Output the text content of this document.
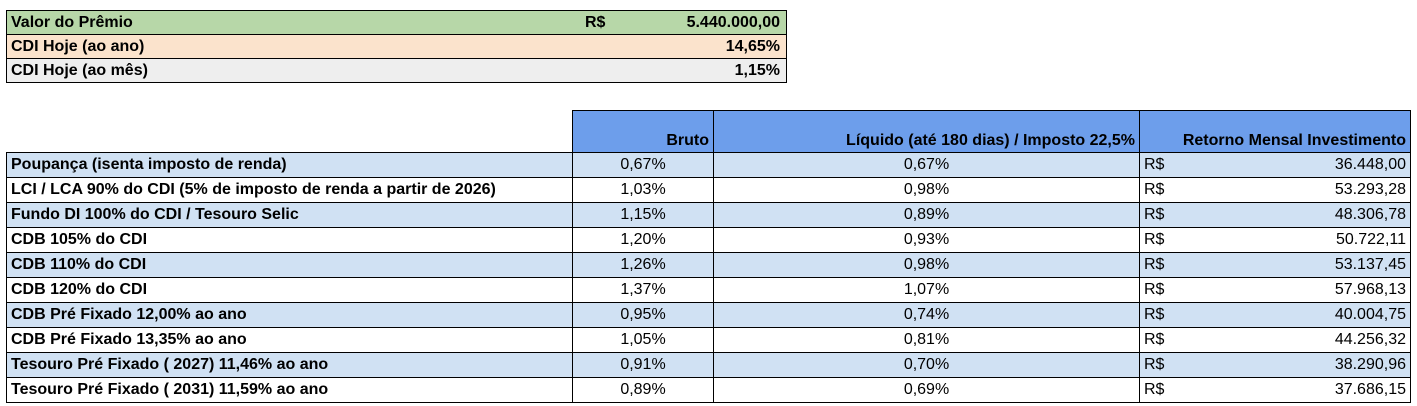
Valor do Prêmio	R$	5.440.000,00

CDI Hoje (ao ano)	14,65%

CDI Hoje (ao mês)	1,15%
	Bruto	Líquido (até 180 dias) / Imposto 22,5%	Retorno Mensal Investimento
Poupança (isenta imposto de renda)	0,67%	0,67%	R$ 36.448,00

LCI / LCA 90% do CDI (5% de imposto de renda a partir de 2026)	1,03%	0,98%	R$ 53.293,28

Fundo DI 100% do CDI / Tesouro Selic	1,15%	0,89%	R$ 48.306,78

CDB 105% do CDI	1,20%	0,93%	R$ 50.722,11

CDB 110% do CDI	1,26%	0,98%	R$ 53.137,45

CDB 120% do CDI	1,37%	1,07%	R$ 57.968,13

CDB Pré Fixado 12,00% ao ano	0,95%	0,74%	R$ 40.004,75

CDB Pré Fixado 13,35% ao ano	1,05%	0,81%	R$ 44.256,32

Tesouro Pré Fixado ( 2027) 11,46% ao ano	0,91%	0,70%	R$ 38.290,96

Tesouro Pré Fixado ( 2031) 11,59% ao ano	0,89%	0,69%	R$ 37.686,15
